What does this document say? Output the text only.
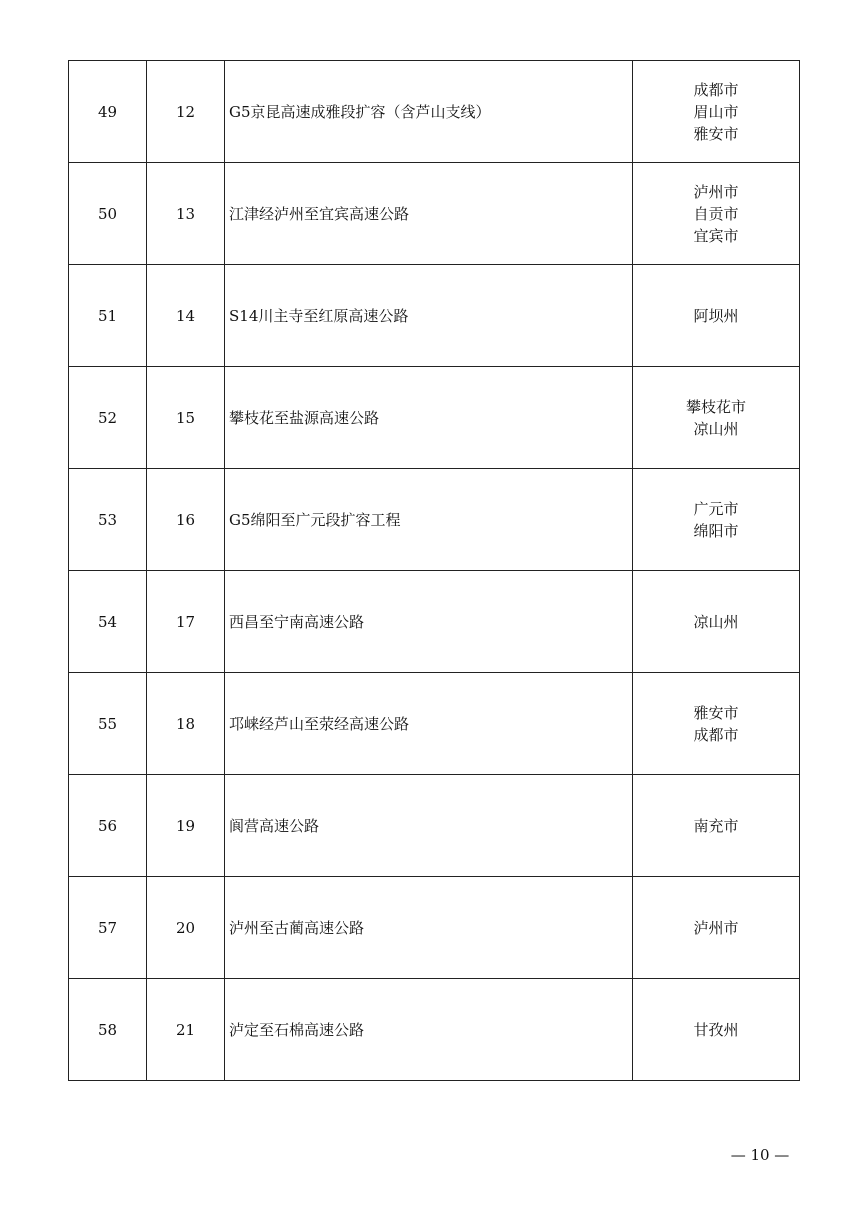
49	12	G5京昆高速成雅段扩容（含芦山支线）	成都市
眉山市
雅安市

50	13	江津经泸州至宜宾高速公路	泸州市
自贡市
宜宾市

51	14	S14川主寺至红原高速公路	阿坝州

52	15	攀枝花至盐源高速公路	攀枝花市
凉山州

53	16	G5绵阳至广元段扩容工程	广元市
绵阳市

54	17	西昌至宁南高速公路	凉山州

55	18	邛崃经芦山至荥经高速公路	雅安市
成都市

56	19	阆营高速公路	南充市

57	20	泸州至古蔺高速公路	泸州市

58	21	泸定至石棉高速公路	甘孜州
— 10 —
